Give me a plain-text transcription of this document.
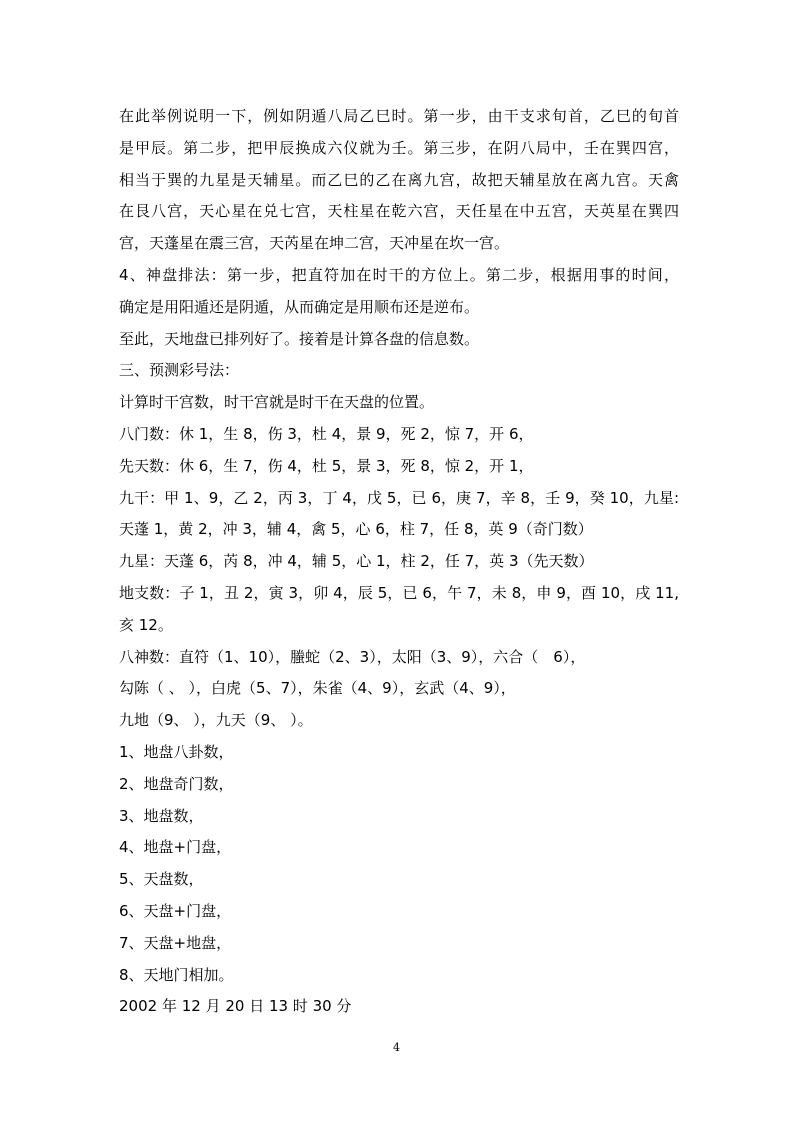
在此举例说明一下，例如阴遁八局乙巳时。第一步，由干支求旬首，乙巳的旬首
是甲辰。第二步，把甲辰换成六仪就为壬。第三步，在阴八局中，壬在巽四宫，
相当于巽的九星是天辅星。而乙巳的乙在离九宫，故把天辅星放在离九宫。天禽
在艮八宫，天心星在兑七宫，天柱星在乾六宫，天任星在中五宫，天英星在巽四
宫，天蓬星在震三宫，天芮星在坤二宫，天冲星在坎一宫。
4、神盘排法：第一步，把直符加在时干的方位上。第二步，根据用事的时间，
确定是用阳遁还是阴遁，从而确定是用顺布还是逆布。
至此，天地盘已排列好了。接着是计算各盘的信息数。
三、预测彩号法：
计算时干宫数，时干宫就是时干在天盘的位置。
八门数：休 1，生 8，伤 3，杜 4，景 9，死 2，惊 7，开 6，
先天数：休 6，生 7，伤 4，杜 5，景 3，死 8，惊 2，开 1，
九干：甲 1、9，乙 2，丙 3，丁 4，戊 5，已 6，庚 7，辛 8，壬 9，癸 10，九星:
天蓬 1，黄 2，冲 3，辅 4，禽 5，心 6，柱 7，任 8，英 9（奇门数）
九星：天蓬 6，芮 8，冲 4，辅 5，心 1，柱 2，任 7，英 3（先天数）
地支数：子 1，丑 2，寅 3，卯 4，辰 5，已 6，午 7，未 8，申 9，酉 10，戌 11,
亥 12。
八神数：直符（1、10），螣蛇（2、3），太阳（3、9），六合（　6），
勾陈（ 、 ），白虎（5、7），朱雀（4、9），玄武（4、9），
九地（9、 ），九天（9、 ）。
1、地盘八卦数，
2、地盘奇门数，
3、地盘数，
4、地盘+门盘，
5、天盘数，
6、天盘+门盘，
7、天盘+地盘，
8、天地门相加。
2002 年 12 月 20 日 13 时 30 分
4
